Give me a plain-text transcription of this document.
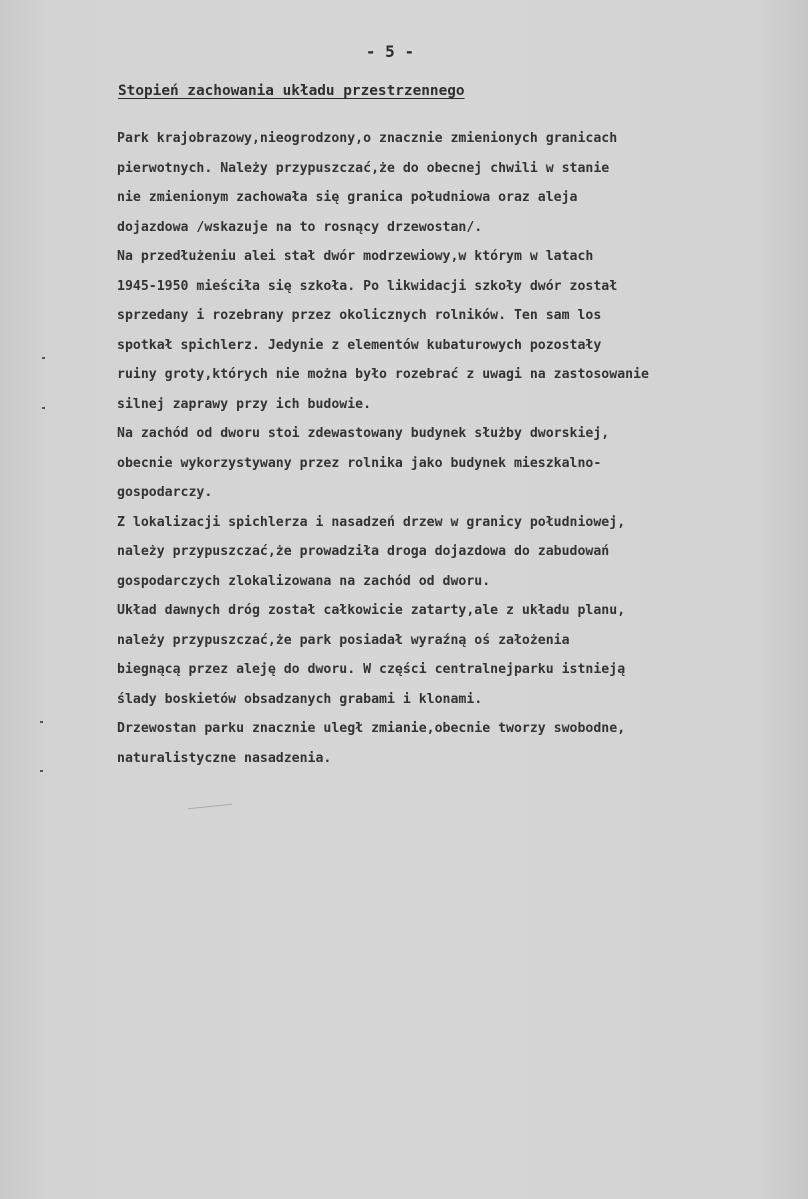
- 5 -
Stopień zachowania układu przestrzennego
Park krajobrazowy,nieogrodzony,o znacznie zmienionych granicach
pierwotnych. Należy przypuszczać,że do obecnej chwili w stanie
nie zmienionym zachowała się granica południowa oraz aleja
dojazdowa /wskazuje na to rosnący drzewostan/.
Na przedłużeniu alei stał dwór modrzewiowy,w którym w latach
1945-1950 mieściła się szkoła. Po likwidacji szkoły dwór został
sprzedany i rozebrany przez okolicznych rolników. Ten sam los
spotkał spichlerz. Jedynie z elementów kubaturowych pozostały
ruiny groty,których nie można było rozebrać z uwagi na zastosowanie
silnej zaprawy przy ich budowie.
Na zachód od dworu stoi zdewastowany budynek służby dworskiej,
obecnie wykorzystywany przez rolnika jako budynek mieszkalno-
gospodarczy.
Z lokalizacji spichlerza i nasadzeń drzew w granicy południowej,
należy przypuszczać,że prowadziła droga dojazdowa do zabudowań
gospodarczych zlokalizowana na zachód od dworu.
Układ dawnych dróg został całkowicie zatarty,ale z układu planu,
należy przypuszczać,że park posiadał wyraźną oś założenia
biegnącą przez aleję do dworu. W części centralnejparku istnieją
ślady boskietów obsadzanych grabami i klonami.
Drzewostan parku znacznie uległ zmianie,obecnie tworzy swobodne,
naturalistyczne nasadzenia.
